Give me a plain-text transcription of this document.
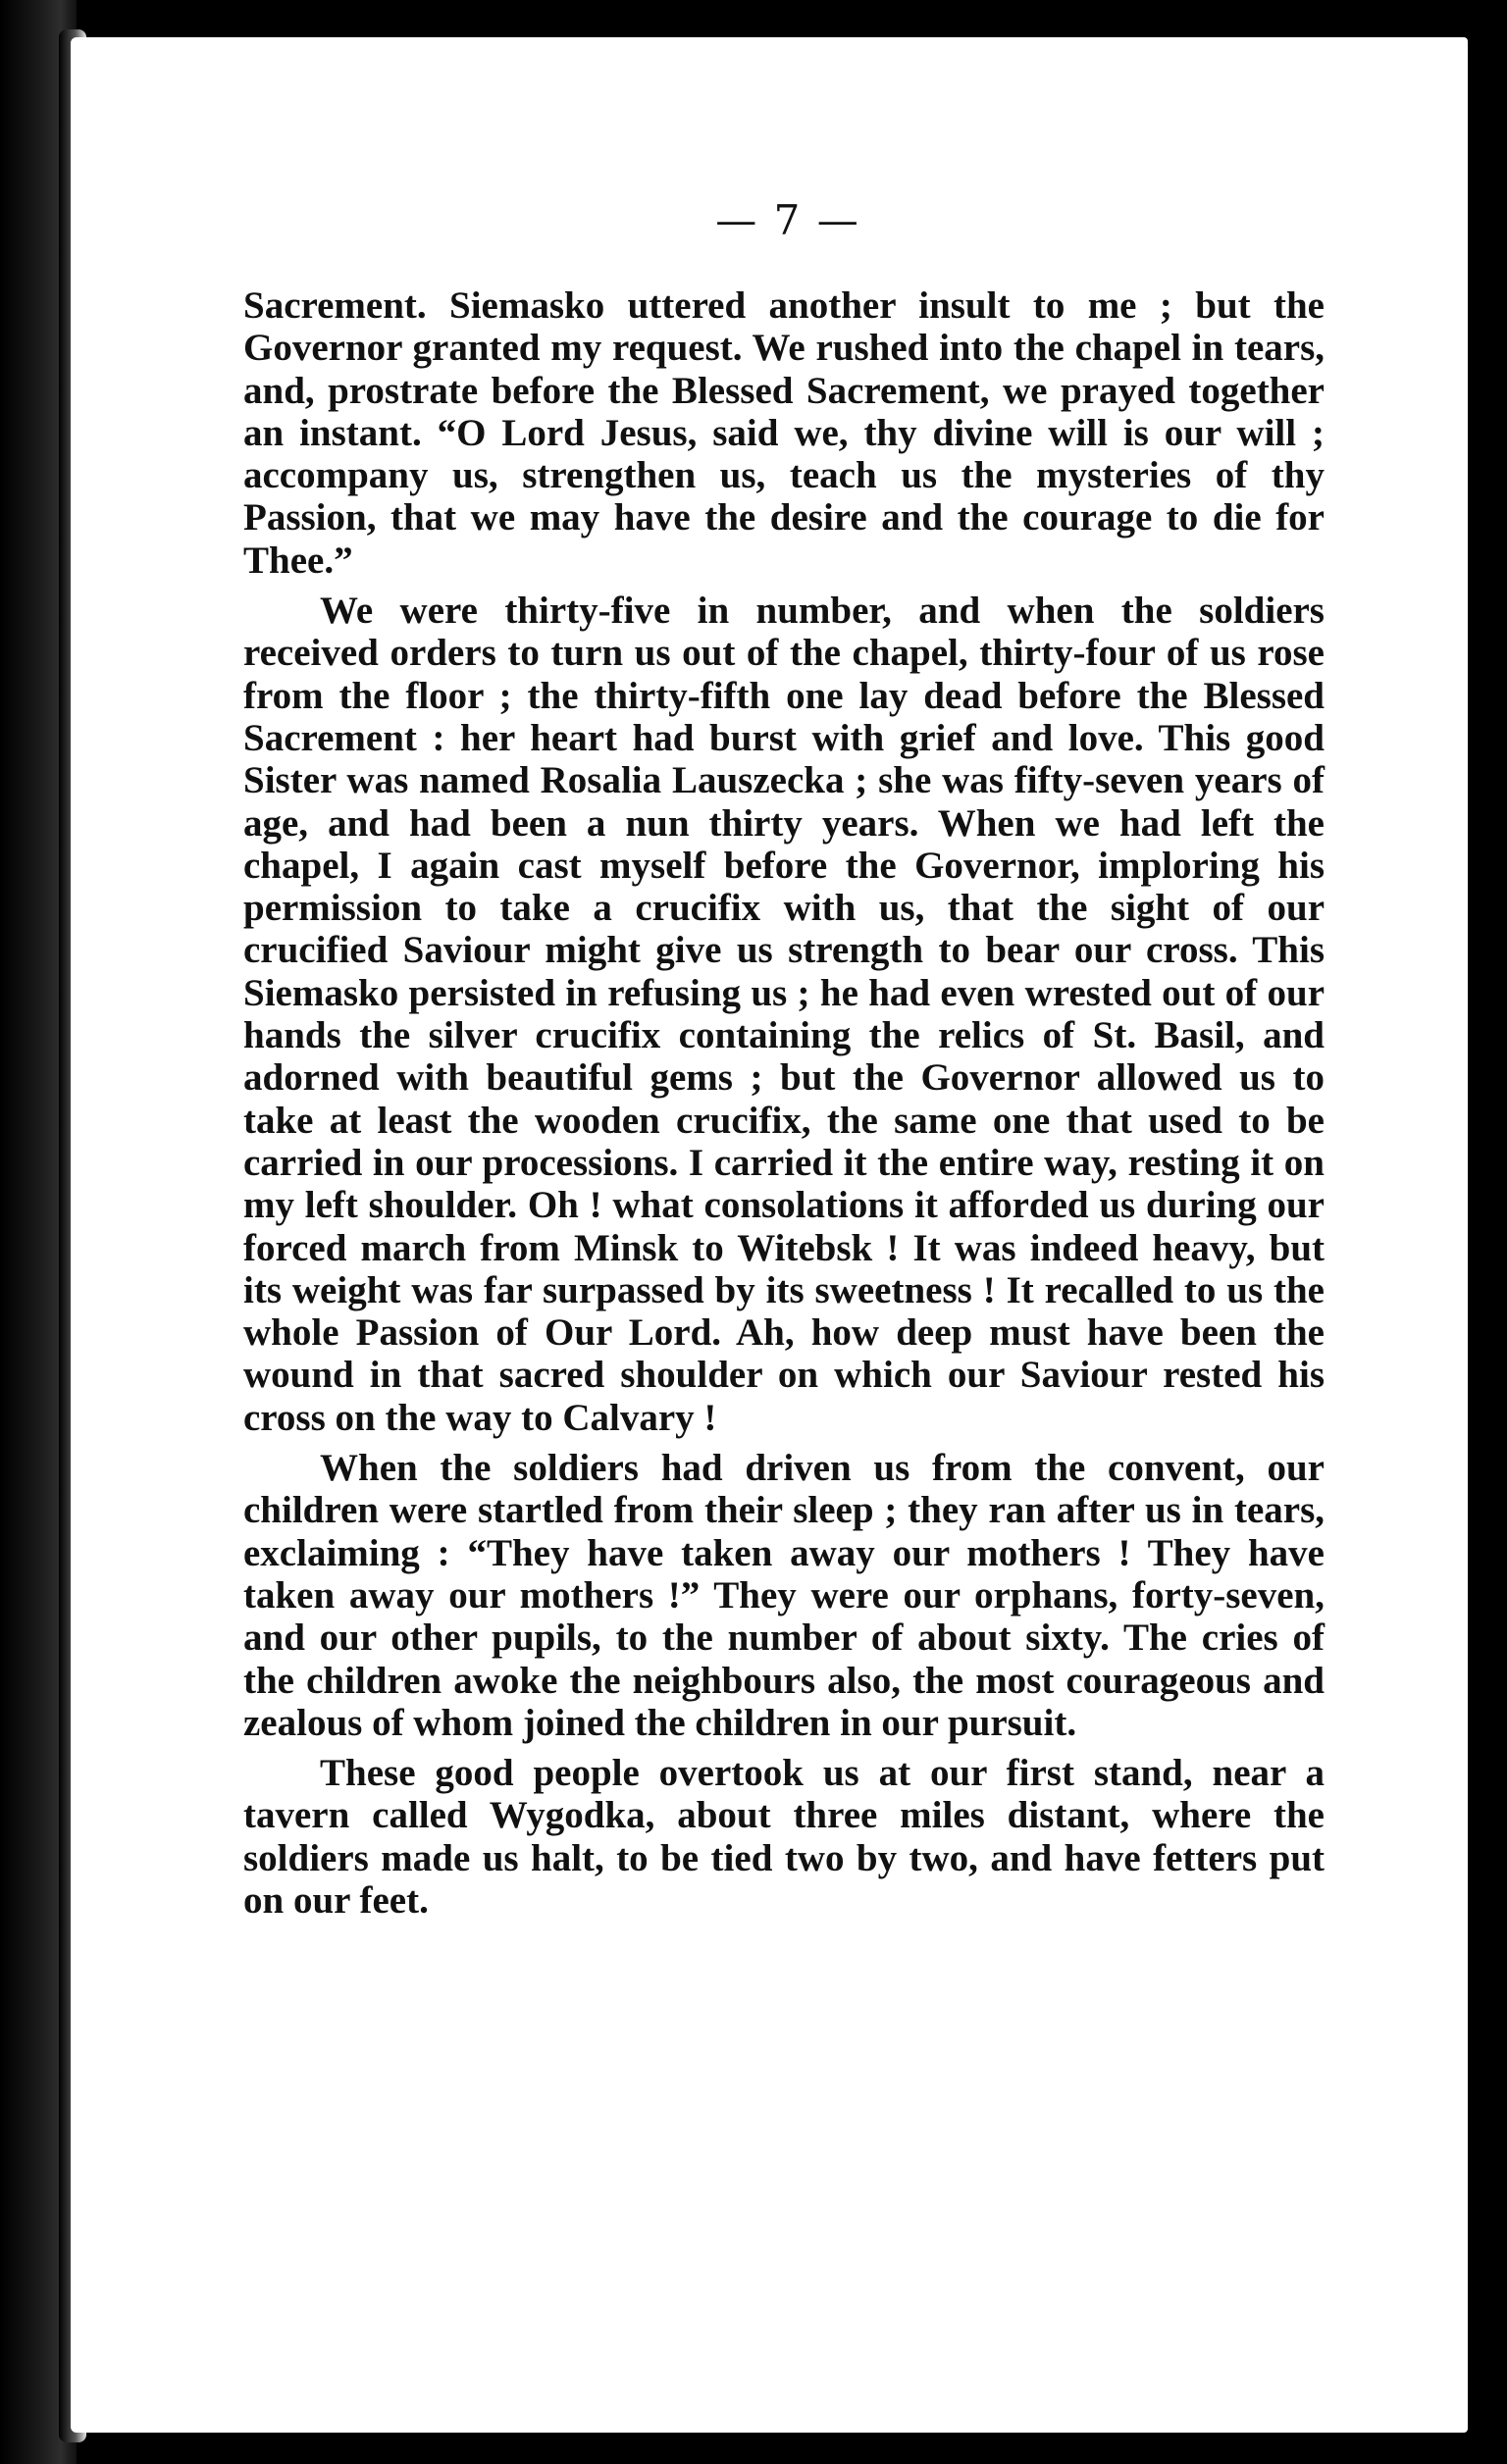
— 7 —

Sacrement. Siemasko uttered another insult to me ; but the Governor granted my request. We rushed into the chapel in tears, and, prostrate before the Blessed Sacrement, we prayed together an instant. “O Lord Jesus, said we, thy divine will is our will ; accompany us, strengthen us, teach us the mysteries of thy Passion, that we may have the desire and the courage to die for Thee.”

We were thirty-five in number, and when the soldiers received orders to turn us out of the chapel, thirty-four of us rose from the floor ; the thirty-fifth one lay dead before the Blessed Sacrement : her heart had burst with grief and love. This good Sister was named Rosalia Lauszecka ; she was fifty-seven years of age, and had been a nun thirty years. When we had left the chapel, I again cast myself before the Governor, imploring his permission to take a crucifix with us, that the sight of our crucified Saviour might give us strength to bear our cross. This Siemasko persisted in refusing us ; he had even wrested out of our hands the silver crucifix containing the relics of St. Basil, and adorned with beautiful gems ; but the Governor allowed us to take at least the wooden crucifix, the same one that used to be carried in our processions. I carried it the entire way, resting it on my left shoulder. Oh ! what consolations it afforded us during our forced march from Minsk to Witebsk ! It was indeed heavy, but its weight was far surpassed by its sweetness ! It recalled to us the whole Passion of Our Lord. Ah, how deep must have been the wound in that sacred shoulder on which our Saviour rested his cross on the way to Calvary !

When the soldiers had driven us from the convent, our children were startled from their sleep ; they ran after us in tears, exclaiming : “They have taken away our mothers ! They have taken away our mothers !” They were our orphans, forty-seven, and our other pupils, to the number of about sixty. The cries of the children awoke the neighbours also, the most courageous and zealous of whom joined the children in our pursuit.

These good people overtook us at our first stand, near a tavern called Wygodka, about three miles distant, where the soldiers made us halt, to be tied two by two, and have fetters put on our feet.
